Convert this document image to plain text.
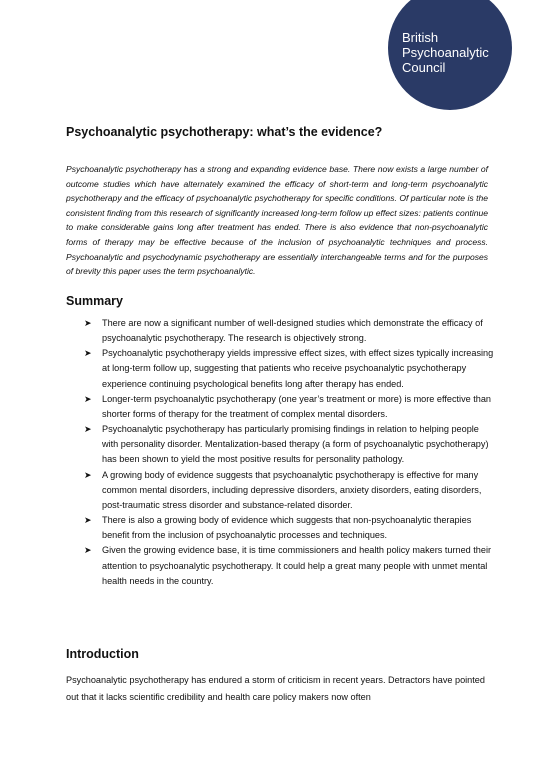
British
Psychoanalytic
Council
Psychoanalytic psychotherapy: what’s the evidence?
Psychoanalytic psychotherapy has a strong and expanding evidence base. There now exists a large number of outcome studies which have alternately examined the efficacy of short-term and long-term psychoanalytic psychotherapy and the efficacy of psychoanalytic psychotherapy for specific conditions. Of particular note is the consistent finding from this research of significantly increased long-term follow up effect sizes: patients continue to make considerable gains long after treatment has ended. There is also evidence that non-psychoanalytic forms of therapy may be effective because of the inclusion of psychoanalytic techniques and process. Psychoanalytic and psychodynamic psychotherapy are essentially interchangeable terms and for the purposes of brevity this paper uses the term psychoanalytic.
Summary
➤ There are now a significant number of well-designed studies which demonstrate the efficacy of psychoanalytic psychotherapy. The research is objectively strong.
➤ Psychoanalytic psychotherapy yields impressive effect sizes, with effect sizes typically increasing at long-term follow up, suggesting that patients who receive psychoanalytic psychotherapy experience continuing psychological benefits long after therapy has ended.
➤ Longer-term psychoanalytic psychotherapy (one year’s treatment or more) is more effective than shorter forms of therapy for the treatment of complex mental disorders.
➤ Psychoanalytic psychotherapy has particularly promising findings in relation to helping people with personality disorder. Mentalization-based therapy (a form of psychoanalytic psychotherapy) has been shown to yield the most positive results for personality pathology.
➤ A growing body of evidence suggests that psychoanalytic psychotherapy is effective for many common mental disorders, including depressive disorders, anxiety disorders, eating disorders, post-traumatic stress disorder and substance-related disorder.
➤ There is also a growing body of evidence which suggests that non-psychoanalytic therapies benefit from the inclusion of psychoanalytic processes and techniques.
➤ Given the growing evidence base, it is time commissioners and health policy makers turned their attention to psychoanalytic psychotherapy. It could help a great many people with unmet mental health needs in the country.
Introduction
Psychoanalytic psychotherapy has endured a storm of criticism in recent years. Detractors have pointed out that it lacks scientific credibility and health care policy makers now often
